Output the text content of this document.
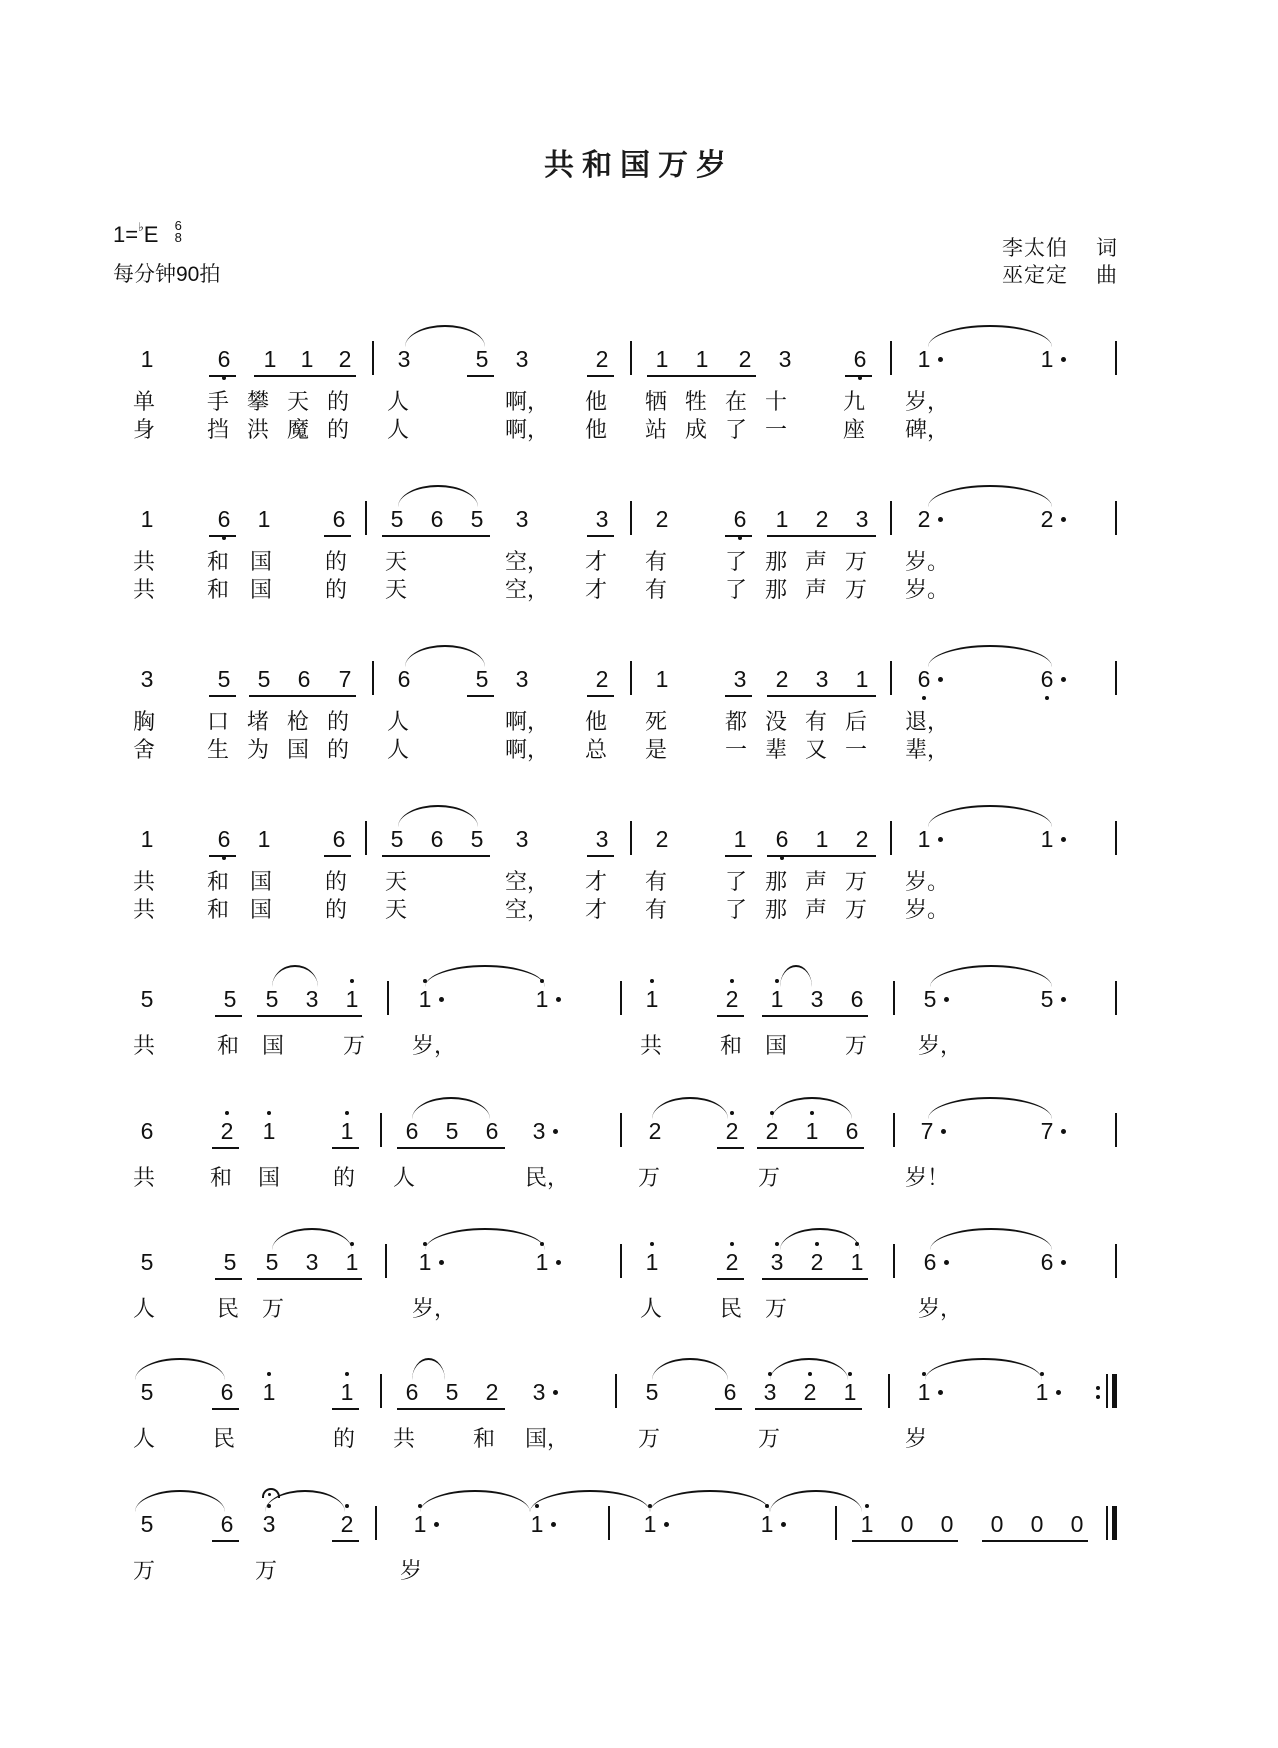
共和国万岁
1=♭E 6
8
每分钟90拍
李太伯 词
巫定定 曲
1	6 1 1 2 3	5 3	2 1 1 2 3	6 1	1
单 手 攀 天 的 人	啊， 他 牺 牲 在 十	九 岁，
身 挡 洪 魔 的 人	啊， 他 站 成 了 一	座 碑，
1	6 1	6 5 6 5 3	3 2	6 1 2 3 2	2
共 和 国 的 天	空， 才 有	了 那 声 万 岁。
共 和 国 的 天	空， 才 有	了 那 声 万 岁。
3	5 5 6 7 6	5 3	2 1	3 2 3 1 6	6
胸 口 堵 枪 的 人	啊， 他 死	都 没 有 后 退，
舍 生 为 国 的 人	啊， 总 是	一 辈 又 一 辈，
1	6 1	6 5 6 5 3	3 2	1 6 1 2 1	1
共 和 国 的 天	空， 才 有	了 那 声 万 岁。
共 和 国 的 天	空， 才 有	了 那 声 万 岁。
5	5 5 3 1	1	1	1	2 1 3 6	5	5
共	和 国	万 岁，	共	和 国	万 岁，
6	2 1	1 6 5 6 3	2	2 2 1 6	7	7
共 和 国 的 人	民，	万	万	岁！
5	5 5 3 1	1	1	1	2 3 2 1	6	6
人	民 万	岁，	人	民 万	岁，
5	6 1	1 6 5 2 3	5	6 3 2 1	1	1
人	民	的 共	和 国，	万	万	岁
5	6 3	2	1	1	1	1	1 0 0 0 0 0
万	万	岁
